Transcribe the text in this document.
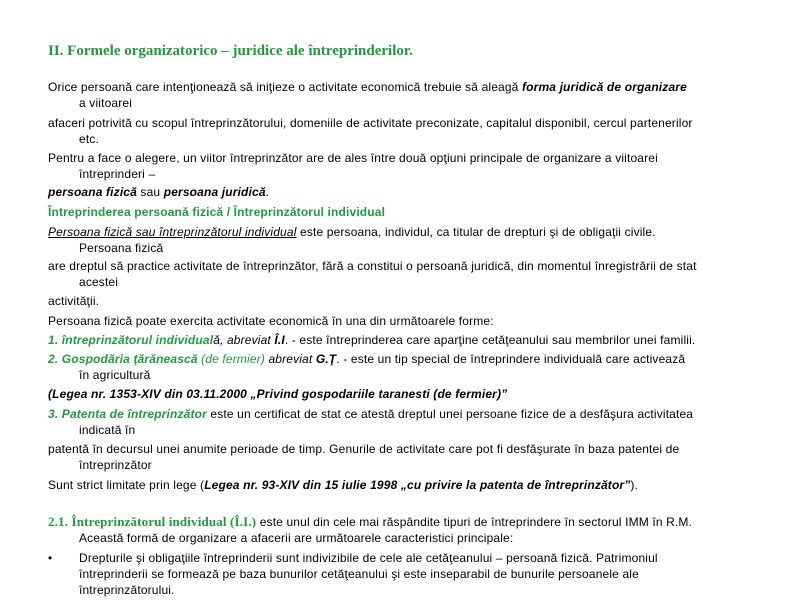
II. Formele organizatorico – juridice ale întreprinderilor.
Orice persoană care intenţionează să iniţieze o activitate economică trebuie să aleagă forma juridică de organizare
a viitoarei
afaceri potrivită cu scopul întreprinzătorului, domeniile de activitate preconizate, capitalul disponibil, cercul partenerilor
etc.
Pentru a face o alegere, un viitor întreprinzător are de ales între două opţiuni principale de organizare a viitoarei
întreprinderi –
persoana fizică sau persoana juridică.
Întreprinderea persoană fizică / Întreprinzătorul individual
Persoana fizică sau întreprinzătorul individual este persoana, individul, ca titular de drepturi şi de obligaţii civile.
Persoana fizică
are dreptul să practice activitate de întreprinzător, fără a constitui o persoană juridică, din momentul înregistrării de stat
acestei
activităţii.
Persoana fizică poate exercita activitate economică în una din următoarele forme:
1. întreprinzătorul individuală, abreviat Î.I. - este întreprinderea care aparţine cetăţeanului sau membrilor unei familii.
2. Gospodăria ţărănească (de fermier) abreviat G.Ţ. - este un tip special de întreprindere individuală care activează
în agricultură
(Legea nr. 1353-XIV din 03.11.2000 „Privind gospodariile taranesti (de fermier)”
3. Patenta de întreprinzător este un certificat de stat ce atestă dreptul unei persoane fizice de a desfăşura activitatea
indicată în
patentă în decursul unei anumite perioade de timp. Genurile de activitate care pot fi desfăşurate în baza patentei de
întreprinzător
Sunt strict limitate prin lege (Legea nr. 93-XIV din 15 iulie 1998 „cu privire la patenta de întreprinzător”).
2.1. Întreprinzătorul individual (Î.I.) este unul din cele mai răspândite tipuri de întreprindere în sectorul IMM în R.M.
Această formă de organizare a afacerii are următoarele caracteristici principale:
• Drepturile şi obligaţiile întreprinderii sunt indivizibile de cele ale cetăţeanului – persoană fizică. Patrimoniul
întreprinderii se formează pe baza bunurilor cetăţeanului şi este inseparabil de bunurile persoanele ale
întreprinzătorului.
